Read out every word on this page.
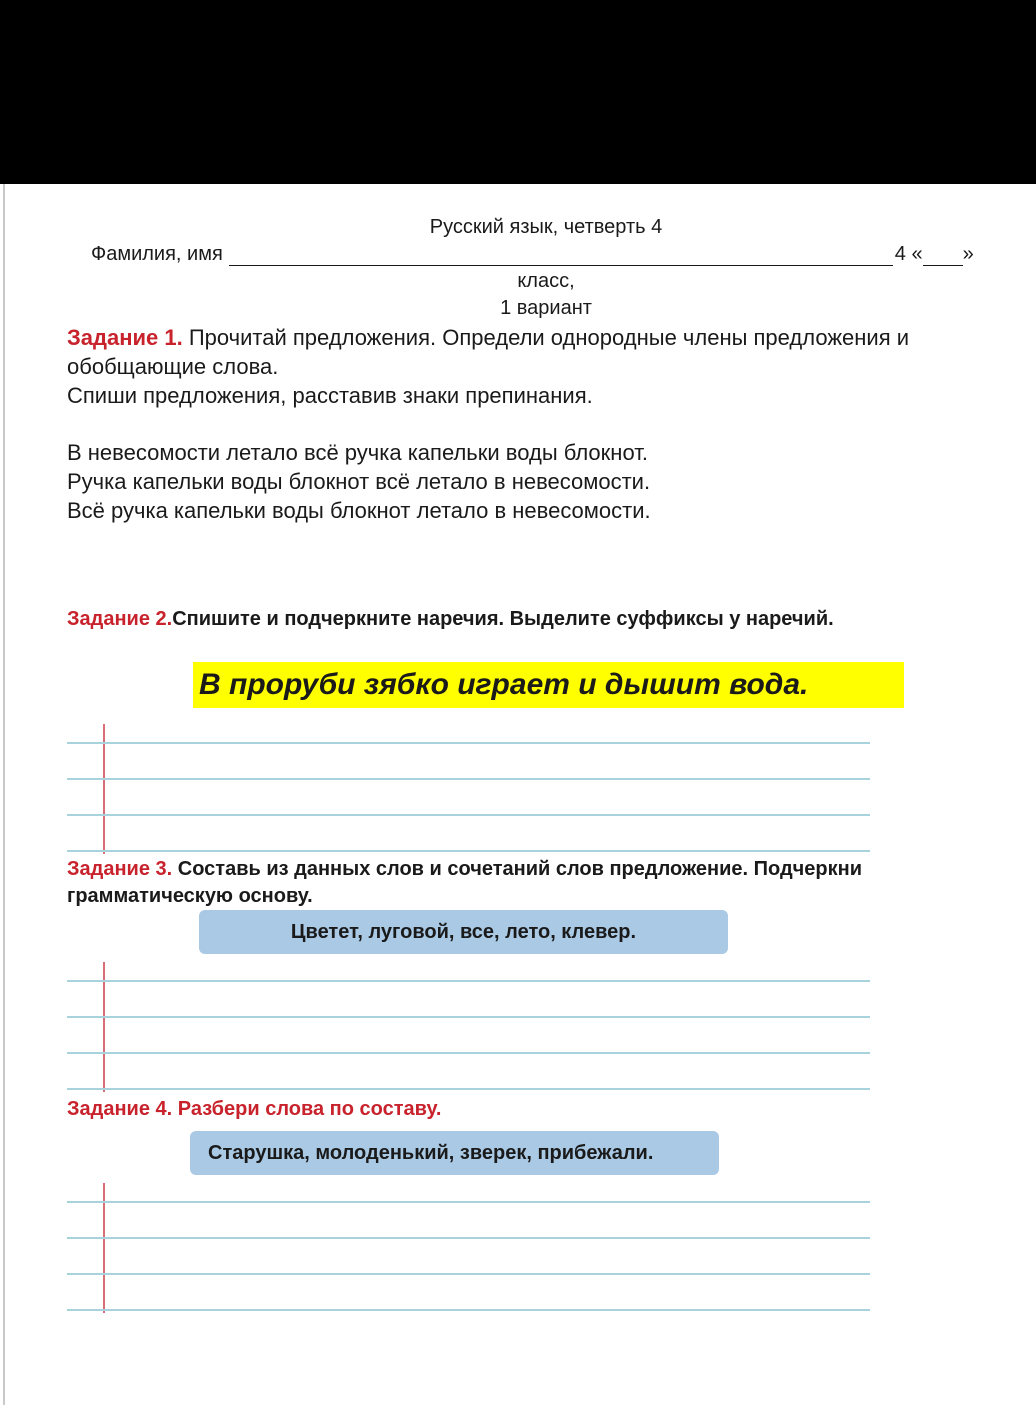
Русский язык, четверть 4
Фамилия, имя	4 « »
класс,
1 вариант
Задание 1. Прочитай предложения. Определи однородные члены предложения и обобщающие слова.
Спиши предложения, расставив знаки препинания.
В невесомости летало всё ручка капельки воды блокнот.
Ручка капельки воды блокнот всё летало в невесомости.
Всё ручка капельки воды блокнот летало в невесомости.
Задание 2.Спишите и подчеркните наречия. Выделите суффиксы у наречий.
В проруби зябко играет и дышит вода.
Задание 3. Составь из данных слов и сочетаний слов предложение. Подчеркни грамматическую основу.
Цветет, луговой, все, лето, клевер.
Задание 4. Разбери слова по составу.
Старушка, молоденький, зверек, прибежали.
